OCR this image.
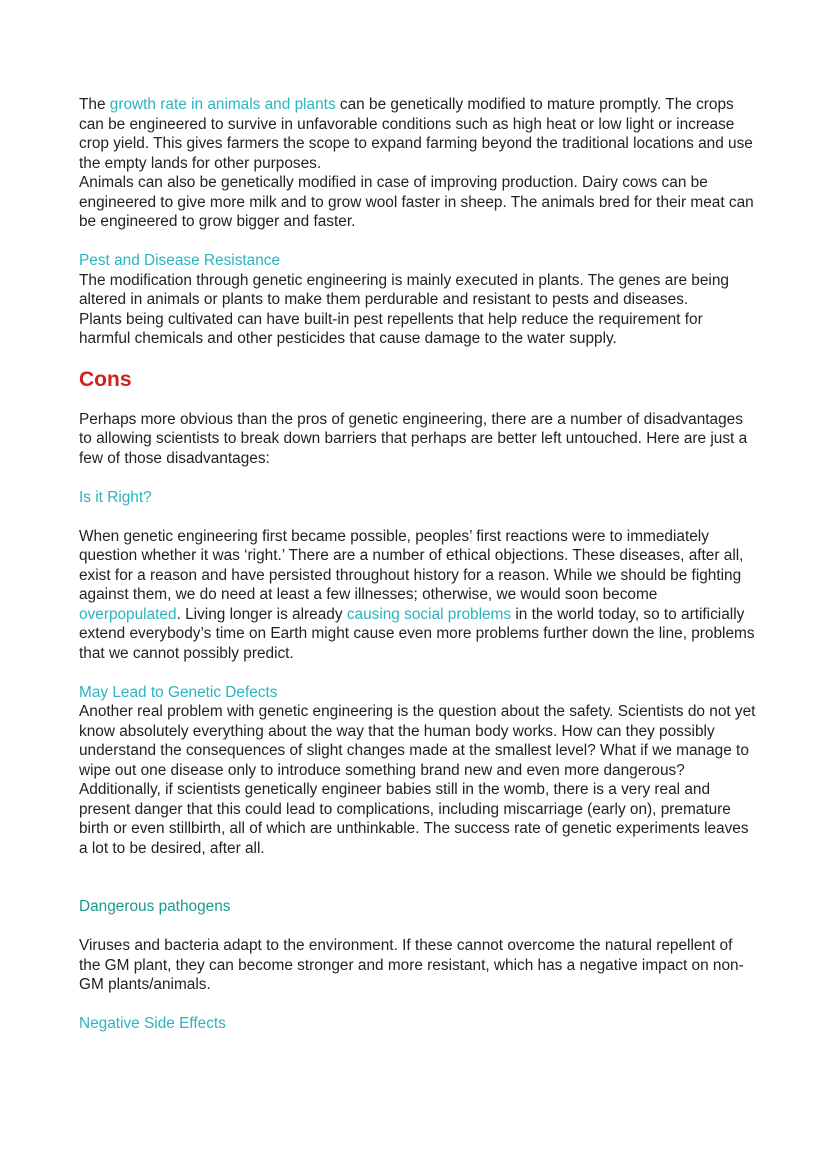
The growth rate in animals and plants can be genetically modified to mature promptly. The crops can be engineered to survive in unfavorable conditions such as high heat or low light or increase crop yield. This gives farmers the scope to expand farming beyond the traditional locations and use the empty lands for other purposes.

Animals can also be genetically modified in case of improving production. Dairy cows can be engineered to give more milk and to grow wool faster in sheep. The animals bred for their meat can be engineered to grow bigger and faster.

Pest and Disease Resistance

The modification through genetic engineering is mainly executed in plants. The genes are being altered in animals or plants to make them perdurable and resistant to pests and diseases.

Plants being cultivated can have built-in pest repellents that help reduce the requirement for harmful chemicals and other pesticides that cause damage to the water supply.

Cons

Perhaps more obvious than the pros of genetic engineering, there are a number of disadvantages to allowing scientists to break down barriers that perhaps are better left untouched. Here are just a few of those disadvantages:

Is it Right?

When genetic engineering first became possible, peoples’ first reactions were to immediately question whether it was ‘right.’ There are a number of ethical objections. These diseases, after all, exist for a reason and have persisted throughout history for a reason. While we should be fighting against them, we do need at least a few illnesses; otherwise, we would soon become overpopulated. Living longer is already causing social problems in the world today, so to artificially extend everybody’s time on Earth might cause even more problems further down the line, problems that we cannot possibly predict.

May Lead to Genetic Defects

Another real problem with genetic engineering is the question about the safety. Scientists do not yet know absolutely everything about the way that the human body works. How can they possibly understand the consequences of slight changes made at the smallest level? What if we manage to wipe out one disease only to introduce something brand new and even more dangerous? Additionally, if scientists genetically engineer babies still in the womb, there is a very real and present danger that this could lead to complications, including miscarriage (early on), premature birth or even stillbirth, all of which are unthinkable. The success rate of genetic experiments leaves a lot to be desired, after all.

Dangerous pathogens

Viruses and bacteria adapt to the environment. If these cannot overcome the natural repellent of the GM plant, they can become stronger and more resistant, which has a negative impact on non-GM plants/animals.

Negative Side Effects
